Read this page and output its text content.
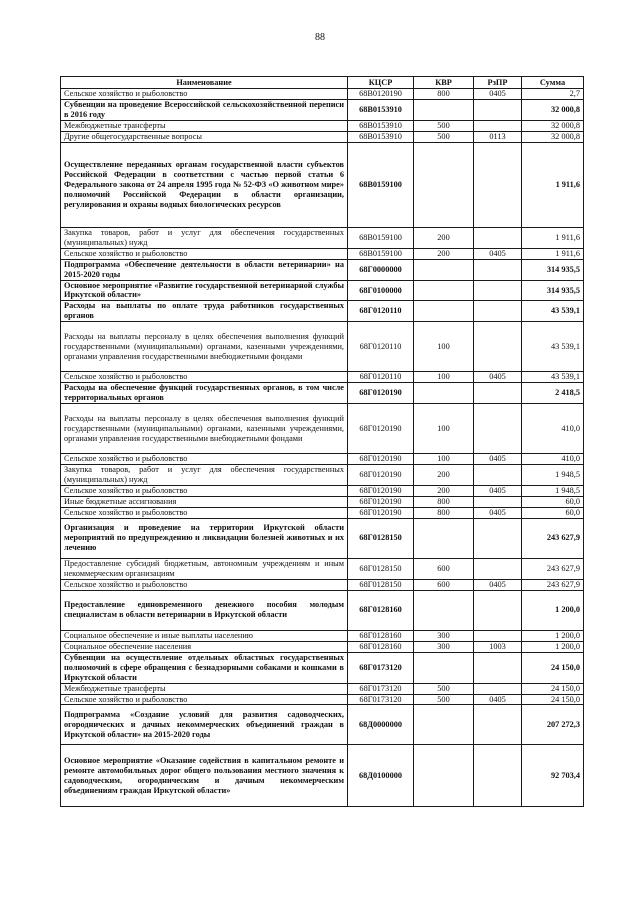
88
Наименование	КЦСР	КВР	РзПР	Сумма
Сельское хозяйство и рыболовство	68В0120190	800	0405	2,7
Субвенции на проведение Всероссийской сельскохозяйственной переписи в 2016 году	68В0153910			32 000,8
Межбюджетные трансферты	68В0153910	500		32 000,8
Другие общегосударственные вопросы	68В0153910	500	0113	32 000,8
Осуществление переданных органам государственной власти субъектов Российской Федерации в соответствии с частью первой статьи 6 Федерального закона от 24 апреля 1995 года № 52-ФЗ «О животном мире» полномочий Российской Федерации в области организации, регулирования и охраны водных биологических ресурсов	68В0159100			1 911,6
Закупка товаров, работ и услуг для обеспечения государственных (муниципальных) нужд	68В0159100	200		1 911,6
Сельское хозяйство и рыболовство	68В0159100	200	0405	1 911,6
Подпрограмма «Обеспечение деятельности в области ветеринарии» на 2015-2020 годы	68Г0000000			314 935,5
Основное мероприятие «Развитие государственной ветеринарной службы Иркутской области»	68Г0100000			314 935,5
Расходы на выплаты по оплате труда работников государственных органов	68Г0120110			43 539,1
Расходы на выплаты персоналу в целях обеспечения выполнения функций государственными (муниципальными) органами, казенными учреждениями, органами управления государственными внебюджетными фондами	68Г0120110	100		43 539,1
Сельское хозяйство и рыболовство	68Г0120110	100	0405	43 539,1
Расходы на обеспечение функций государственных органов, в том числе территориальных органов	68Г0120190			2 418,5
Расходы на выплаты персоналу в целях обеспечения выполнения функций государственными (муниципальными) органами, казенными учреждениями, органами управления государственными внебюджетными фондами	68Г0120190	100		410,0
Сельское хозяйство и рыболовство	68Г0120190	100	0405	410,0
Закупка товаров, работ и услуг для обеспечения государственных (муниципальных) нужд	68Г0120190	200		1 948,5
Сельское хозяйство и рыболовство	68Г0120190	200	0405	1 948,5
Иные бюджетные ассигнования	68Г0120190	800		60,0
Сельское хозяйство и рыболовство	68Г0120190	800	0405	60,0
Организация и проведение на территории Иркутской области мероприятий по предупреждению и ликвидации болезней животных и их лечению	68Г0128150			243 627,9
Предоставление субсидий бюджетным, автономным учреждениям и иным некоммерческим организациям	68Г0128150	600		243 627,9
Сельское хозяйство и рыболовство	68Г0128150	600	0405	243 627,9
Предоставление единовременного денежного пособия молодым специалистам в области ветеринарии в Иркутской области	68Г0128160			1 200,0
Социальное обеспечение и иные выплаты населению	68Г0128160	300		1 200,0
Социальное обеспечение населения	68Г0128160	300	1003	1 200,0
Субвенции на осуществление отдельных областных государственных полномочий в сфере обращения с безнадзорными собаками и кошками в Иркутской области	68Г0173120			24 150,0
Межбюджетные трансферты	68Г0173120	500		24 150,0
Сельское хозяйство и рыболовство	68Г0173120	500	0405	24 150,0
Подпрограмма «Создание условий для развития садоводческих, огороднических и дачных некоммерческих объединений граждан в Иркутской области» на 2015-2020 годы	68Д0000000			207 272,3
Основное мероприятие «Оказание содействия в капитальном ремонте и ремонте автомобильных дорог общего пользования местного значения к садоводческим, огородническим и дачным некоммерческим объединениям граждан Иркутской области»	68Д0100000			92 703,4
